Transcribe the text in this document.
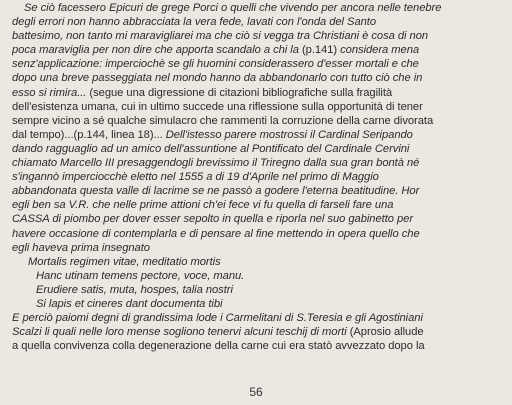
Se ciò facessero Epicuri de grege Porci o quelli che vivendo per ancora nelle tenebre
degli errori non hanno abbracciata la vera fede, lavati con l'onda del Santo
battesimo, non tanto mi maravigliarei ma che ciò si vegga tra Christiani è cosa di non
poca maraviglia per non dire che apporta scandalo a chi la (p.141) considera mena
senz'applicazione: imperciochè se gli huomini considerassero d'esser mortali e che
dopo una breve passeggiata nel mondo hanno da abbandonarlo con tutto ciò che in
esso si rimira... (segue una digressione di citazioni bibliografiche sulla fragilità
dell'esistenza umana, cui in ultimo succede una riflessione sulla opportunità di tener
sempre vicino a sé qualche simulacro che rammenti la corruzione della carne divorata
dal tempo)...(p.144, linea 18)... Dell'istesso parere mostrossi il Cardinal Seripando
dando ragguaglio ad un amico dell'assuntione al Pontificato del Cardinale Cervini
chiamato Marcello III presaggendogli brevissimo il Triregno dalla sua gran bontà né
s'ingannò imperciocchè eletto nel 1555 a di 19 d'Aprile nel primo di Maggio
abbandonata questa valle di lacrime se ne passò a godere l'eterna beatitudine. Hor
egli ben sa V.R. che nelle prime attioni ch'ei fece vi fu quella di farseli fare una
CASSA di piombo per dover esser sepolto in quella e riporla nel suo gabinetto per
havere occasione di contemplarla e di pensare al fine mettendo in opera quello che
egli haveva prima insegnato
Mortalis regimen vitae, meditatio mortis
Hanc utinam temens pectore, voce, manu.
Erudiere satis, muta, hospes, talia nostri
Si lapis et cineres dant documenta tibi
E perciò paiomi degni di grandissima lode i Carmelitani di S.Teresia e gli Agostiniani
Scalzi li quali nelle loro mense sogliono tenervi alcuni teschij di morti (Aprosio allude
a quella convivenza colla degenerazione della carne cui era statò avvezzato dopo la
56
